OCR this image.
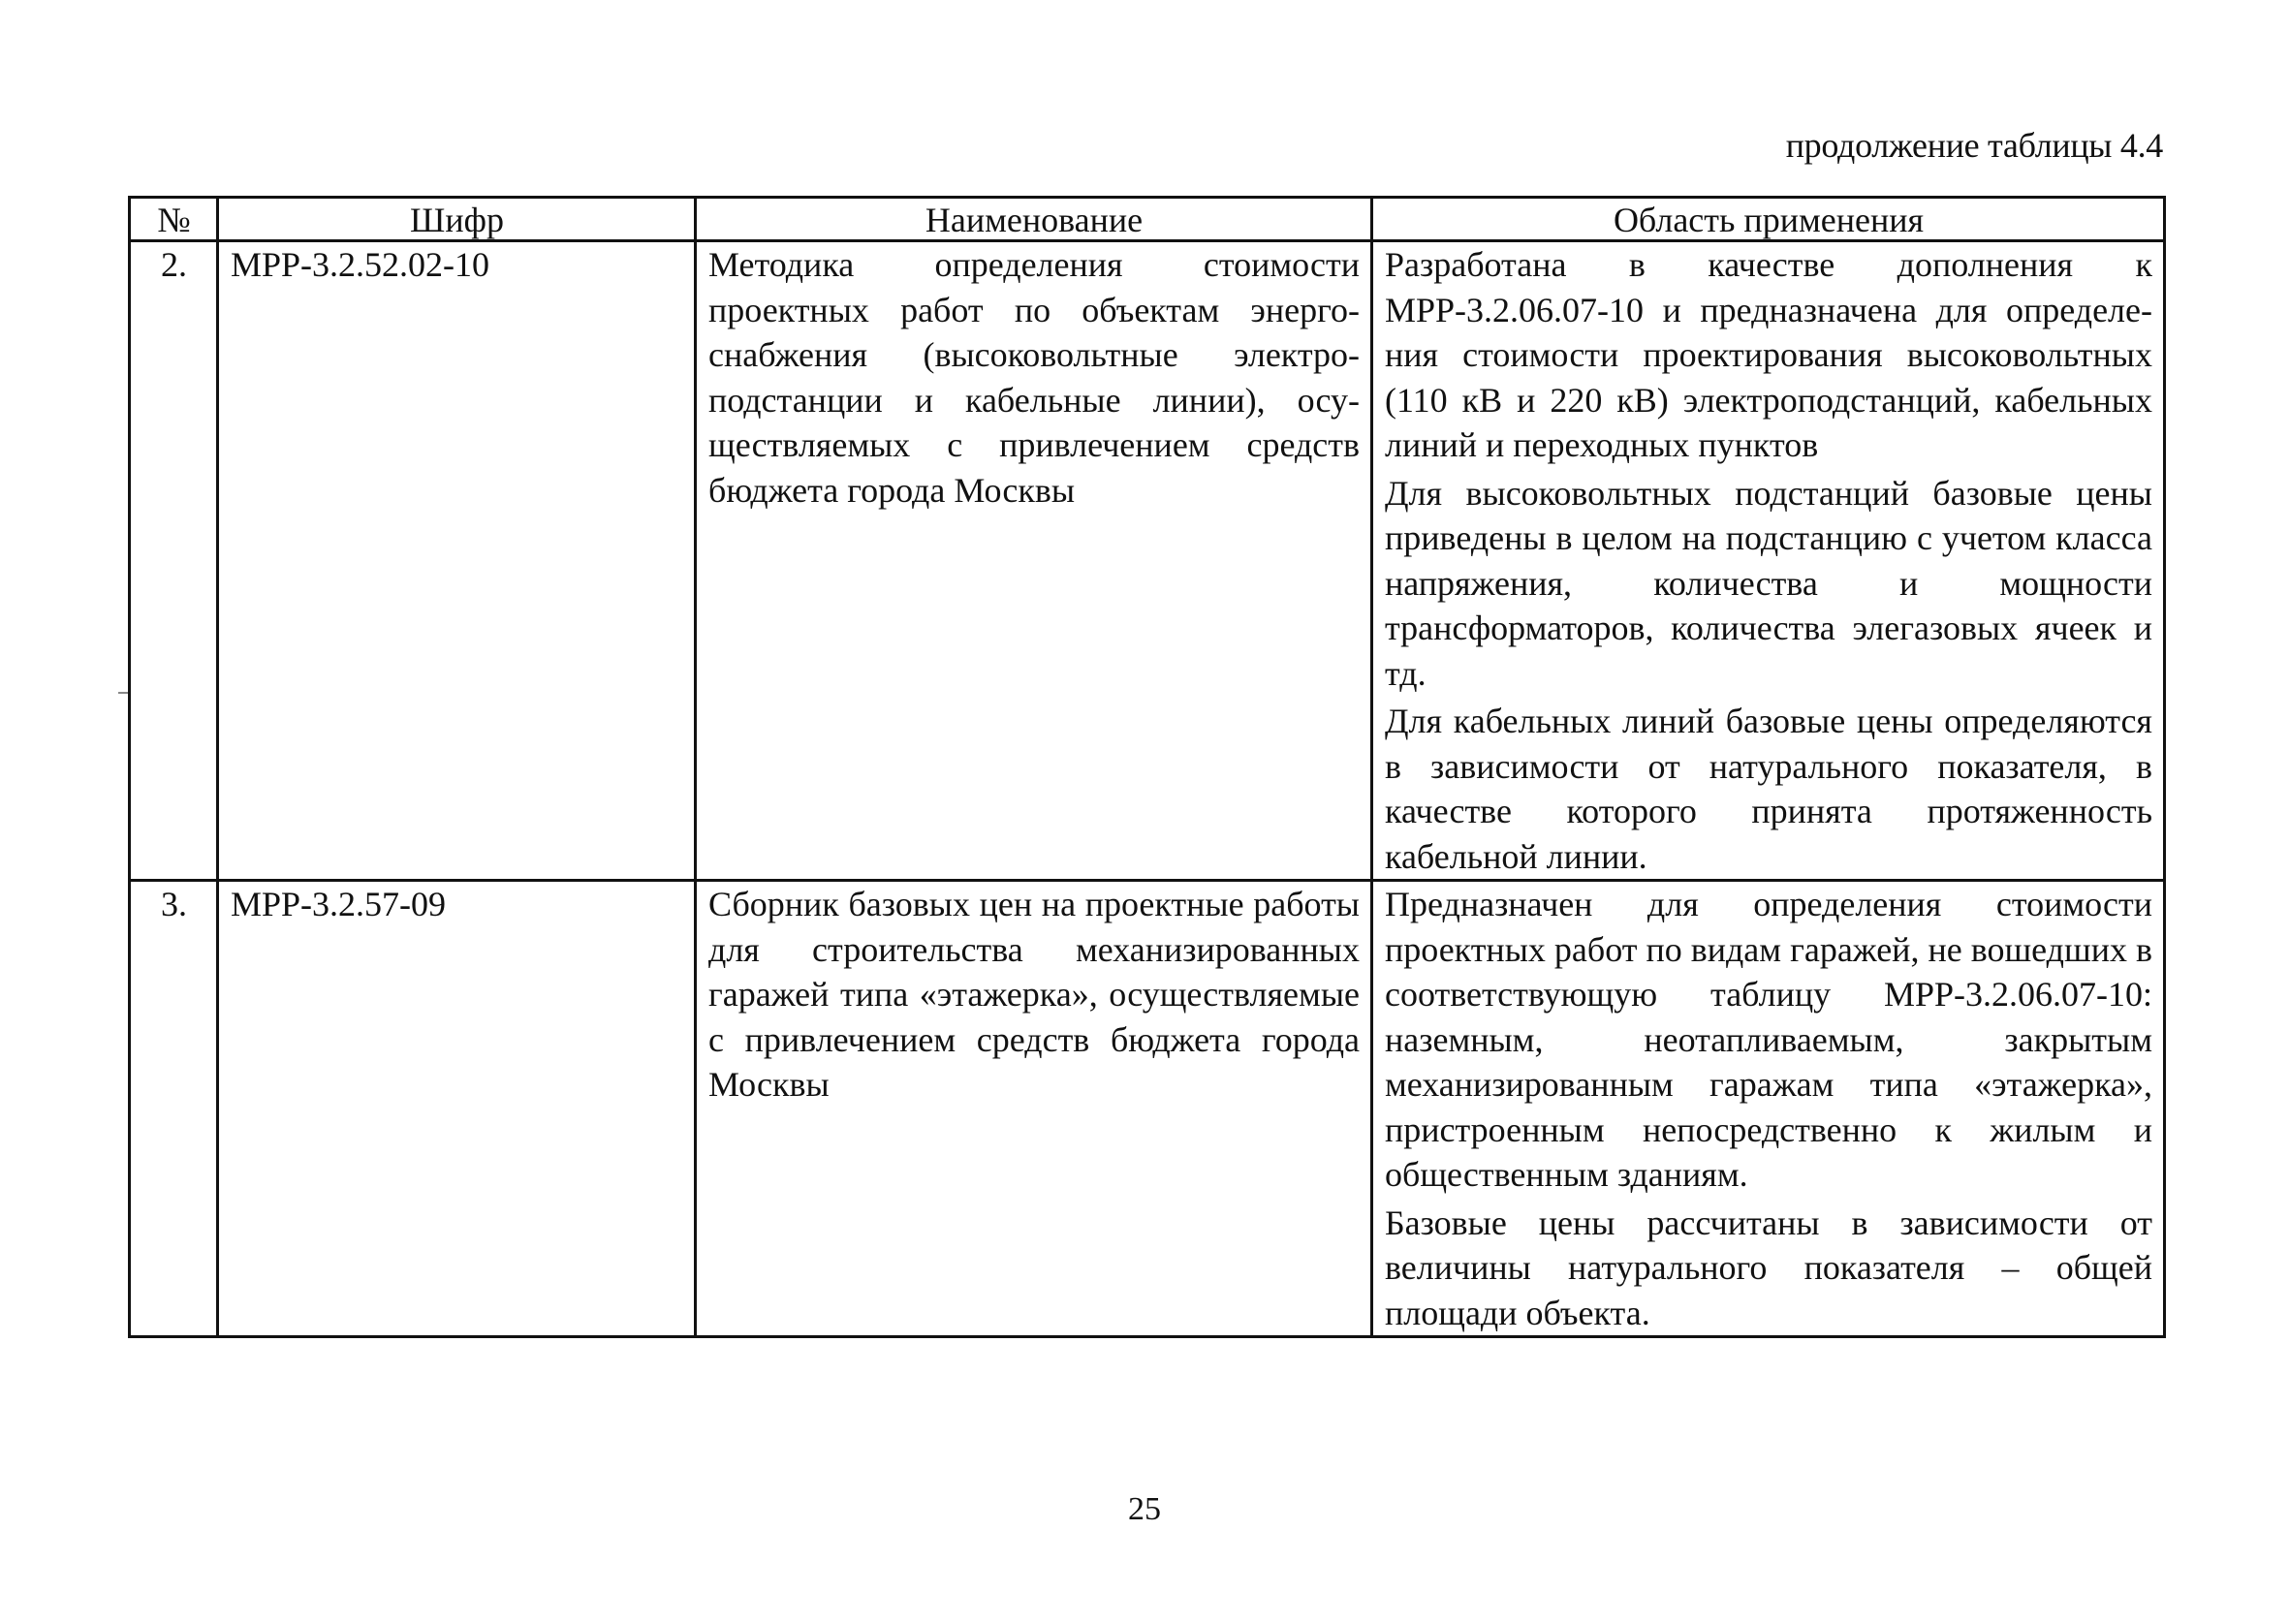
продолжение таблицы 4.4
№	Шифр	Наименование	Область применения
2.	МРР-3.2.52.02-10	Методика определения стоимости проектных работ по объектам энергоснабжения (высоковольтные электроподстанции и кабельные линии), осуществляемых с привлечением средств бюджета города Москвы	Разработана в качестве дополнения к МРР-3.2.06.07-10 и предназначена для определения стоимости проектирования высоковольтных (110 кВ и 220 кВ) электроподстанций, кабельных линий и переходных пунктов
Для высоковольтных подстанций базовые цены приведены в целом на подстанцию с учетом класса напряжения, количества и мощности трансформаторов, количества элегазовых ячеек и тд.
Для кабельных линий базовые цены определяются в зависимости от натурального показателя, в качестве которого принята протяженность кабельной линии.

3.	МРР-3.2.57-09	Сборник базовых цен на проектные работы для строительства механизированных гаражей типа «этажерка», осуществляемые с привлечением средств бюджета города Москвы	Предназначен для определения стоимости проектных работ по видам гаражей, не вошедших в соответствующую таблицу МРР-3.2.06.07-10: наземным, неотапливаемым, закрытым механизированным гаражам типа «этажерка», пристроенным непосредственно к жилым и общественным зданиям.
Базовые цены рассчитаны в зависимости от величины натурального показателя – общей площади объекта.
25
